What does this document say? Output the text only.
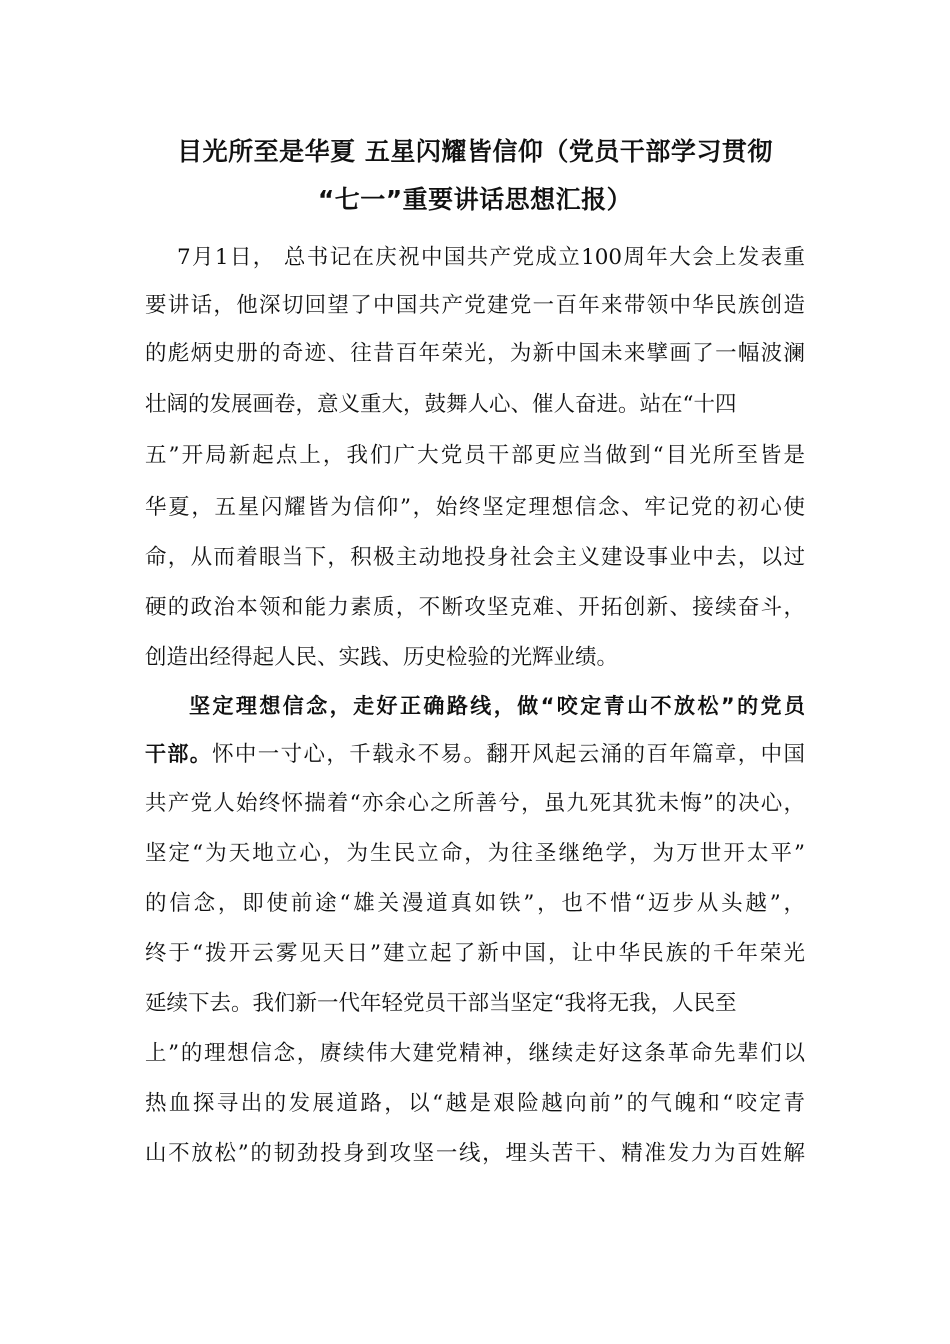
目光所至是华夏 五星闪耀皆信仰（党员干部学习贯彻
“七一”重要讲话思想汇报）
7月1日， 总书记在庆祝中国共产党成立100周年大会上发表重
要讲话，他深切回望了中国共产党建党一百年来带领中华民族创造
的彪炳史册的奇迹、往昔百年荣光，为新中国未来擘画了一幅波澜
壮阔的发展画卷，意义重大，鼓舞人心、催人奋进。站在“十四
五”开局新起点上，我们广大党员干部更应当做到“目光所至皆是
华夏，五星闪耀皆为信仰”，始终坚定理想信念、牢记党的初心使
命，从而着眼当下，积极主动地投身社会主义建设事业中去，以过
硬的政治本领和能力素质，不断攻坚克难、开拓创新、接续奋斗，
创造出经得起人民、实践、历史检验的光辉业绩。
坚定理想信念，走好正确路线，做“咬定青山不放松”的党员
干部。怀中一寸心，千载永不易。翻开风起云涌的百年篇章，中国
共产党人始终怀揣着“亦余心之所善兮，虽九死其犹未悔”的决心，
坚定“为天地立心，为生民立命，为往圣继绝学，为万世开太平”
的信念，即使前途“雄关漫道真如铁”，也不惜“迈步从头越”，
终于“拨开云雾见天日”建立起了新中国，让中华民族的千年荣光
延续下去。我们新一代年轻党员干部当坚定“我将无我，人民至
上”的理想信念，赓续伟大建党精神，继续走好这条革命先辈们以
热血探寻出的发展道路，以“越是艰险越向前”的气魄和“咬定青
山不放松”的韧劲投身到攻坚一线，埋头苦干、精准发力为百姓解
